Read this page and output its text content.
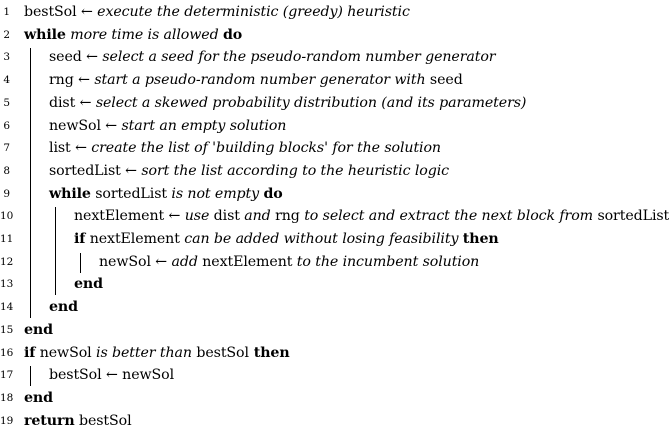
1 bestSol ← execute the deterministic (greedy) heuristic
2 while more time is allowed do
3	seed ← select a seed for the pseudo-random number generator
4	rng ← start a pseudo-random number generator with seed
5	dist ← select a skewed probability distribution (and its parameters)
6	newSol ← start an empty solution
7	list ← create the list of 'building blocks' for the solution
8	sortedList ← sort the list according to the heuristic logic
9	while sortedList is not empty do
10	nextElement ← use dist and rng to select and extract the next block from sortedList
11	if nextElement can be added without losing feasibility then
12	newSol ← add nextElement to the incumbent solution
13	end
14	end
15 end
16 if newSol is better than bestSol then
17	bestSol ← newSol
18 end
19 return bestSol
